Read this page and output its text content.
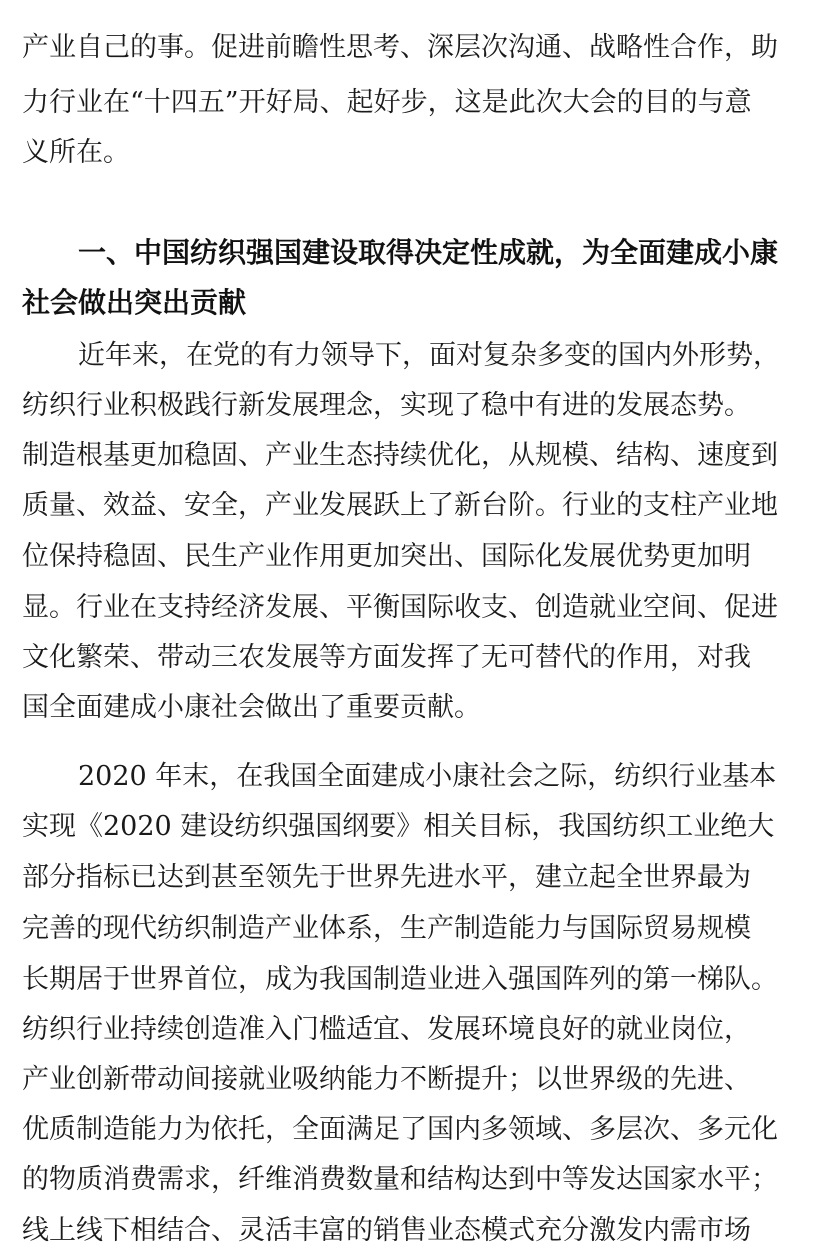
产业自己的事。促进前瞻性思考、深层次沟通、战略性合作，助
力行业在“十四五”开好局、起好步，这是此次大会的目的与意
义所在。
一、中国纺织强国建设取得决定性成就，为全面建成小康
社会做出突出贡献
近年来，在党的有力领导下，面对复杂多变的国内外形势，
纺织行业积极践行新发展理念，实现了稳中有进的发展态势。
制造根基更加稳固、产业生态持续优化，从规模、结构、速度到
质量、效益、安全，产业发展跃上了新台阶。行业的支柱产业地
位保持稳固、民生产业作用更加突出、国际化发展优势更加明
显。行业在支持经济发展、平衡国际收支、创造就业空间、促进
文化繁荣、带动三农发展等方面发挥了无可替代的作用，对我
国全面建成小康社会做出了重要贡献。
2020 年末，在我国全面建成小康社会之际，纺织行业基本
实现《2020 建设纺织强国纲要》相关目标，我国纺织工业绝大
部分指标已达到甚至领先于世界先进水平，建立起全世界最为
完善的现代纺织制造产业体系，生产制造能力与国际贸易规模
长期居于世界首位，成为我国制造业进入强国阵列的第一梯队。
纺织行业持续创造准入门槛适宜、发展环境良好的就业岗位，
产业创新带动间接就业吸纳能力不断提升；以世界级的先进、
优质制造能力为依托，全面满足了国内多领域、多层次、多元化
的物质消费需求，纤维消费数量和结构达到中等发达国家水平；
线上线下相结合、灵活丰富的销售业态模式充分激发内需市场
